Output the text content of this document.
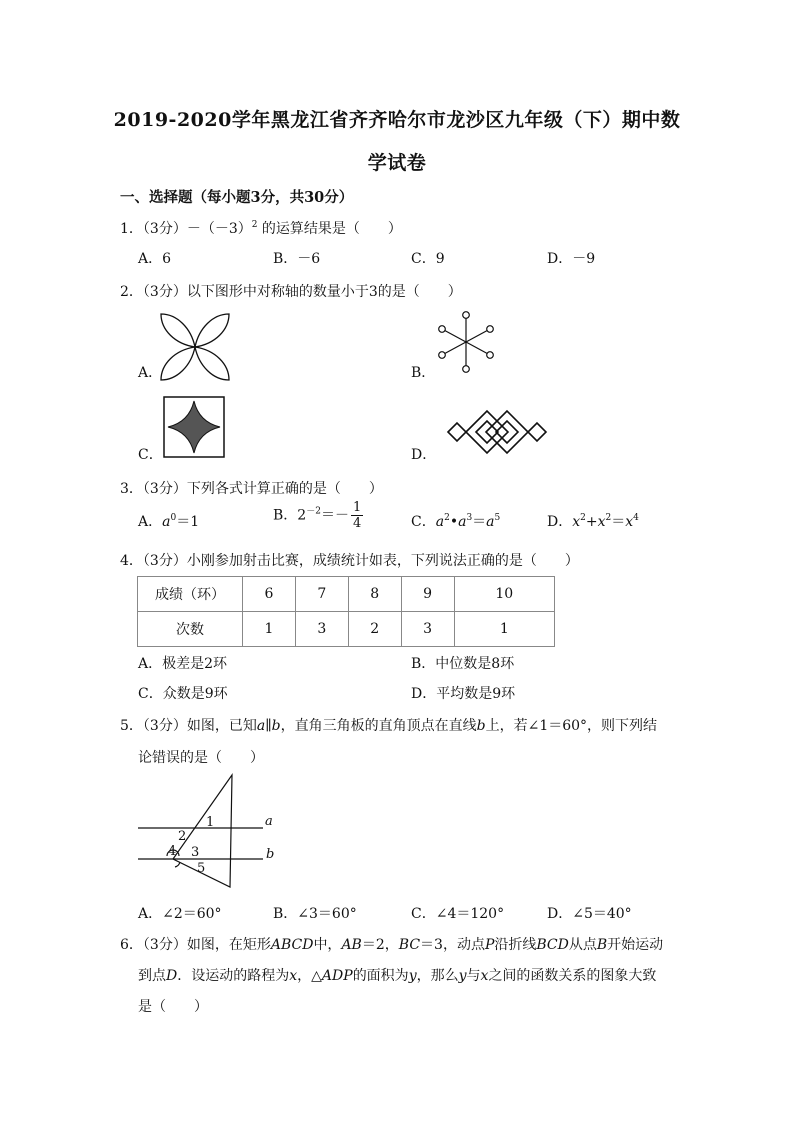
2019-2020学年黑龙江省齐齐哈尔市龙沙区九年级（下）期中数
学试卷
一、选择题（每小题3分，共30分）
1．（3分）$-(-3)^2$ 的运算结果是（　　）
A．6	B．－6	C．9	D．－9
2．（3分）以下图形中对称轴的数量小于3的是（　　）
A．	B．
C．	D．
3．（3分）下列各式计算正确的是（　　）
A．$a^0=1$	B．$2^{-2}=- \frac{1}{4}$	C．$a^2•a^3=a^5$	D．$x^2+x^2=x^4$
4．（3分）小刚参加射击比赛，成绩统计如表，下列说法正确的是（　　）
成绩（环）	6	7	8	9	10
次数	1	3	2	3	1
A．极差是2环	B．中位数是8环
C．众数是9环	D．平均数是9环
5．（3分）如图，已知a∥b，直角三角板的直角顶点在直线b上，若∠1＝60°，则下列结
论错误的是（　　）
1
2
3
4
5
a
b
A．∠2＝60°	B．∠3＝60°	C．∠4＝120°	D．∠5＝40°
6．（3分）如图，在矩形ABCD中，AB＝2，BC＝3，动点P沿折线BCD从点B开始运动
到点D．设运动的路程为x，△ADP的面积为y，那么y与x之间的函数关系的图象大致
是（　　）
